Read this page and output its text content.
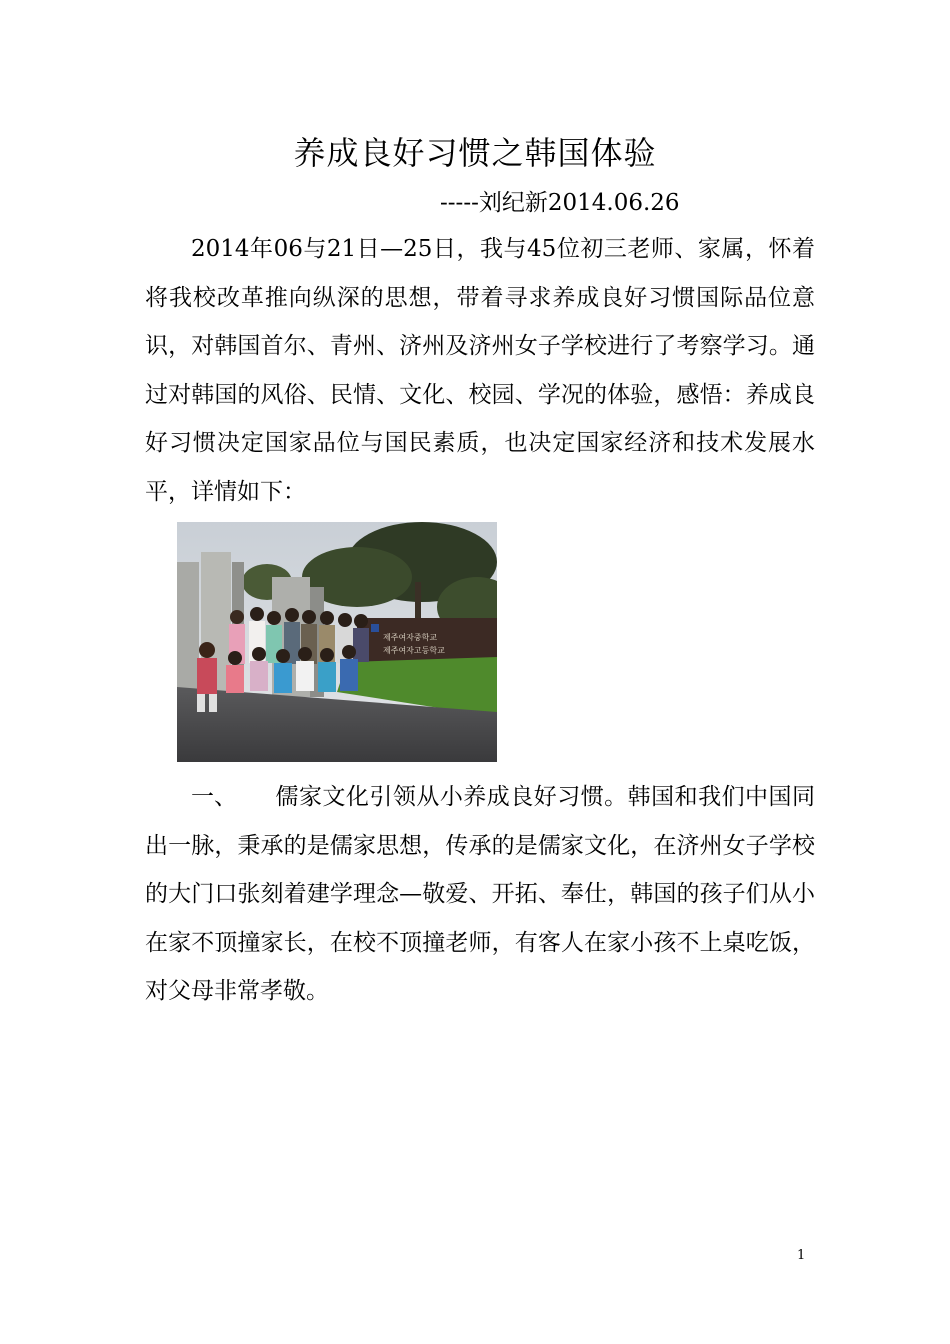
养成良好习惯之韩国体验
-----刘纪新2014.06.26

2014年06与21日—25日，我与45位初三老师、家属，怀着将我校改革推向纵深的思想，带着寻求养成良好习惯国际品位意识，对韩国首尔、青州、济州及济州女子学校进行了考察学习。通过对韩国的风俗、民情、文化、校园、学况的体验，感悟：养成良好习惯决定国家品位与国民素质，也决定国家经济和技术发展水平，详情如下：

제주여자중학교
제주여자고등학교

一、 儒家文化引领从小养成良好习惯。韩国和我们中国同出一脉，秉承的是儒家思想，传承的是儒家文化，在济州女子学校的大门口张刻着建学理念—敬爱、开拓、奉仕，韩国的孩子们从小在家不顶撞家长，在校不顶撞老师，有客人在家小孩不上桌吃饭，对父母非常孝敬。

1
